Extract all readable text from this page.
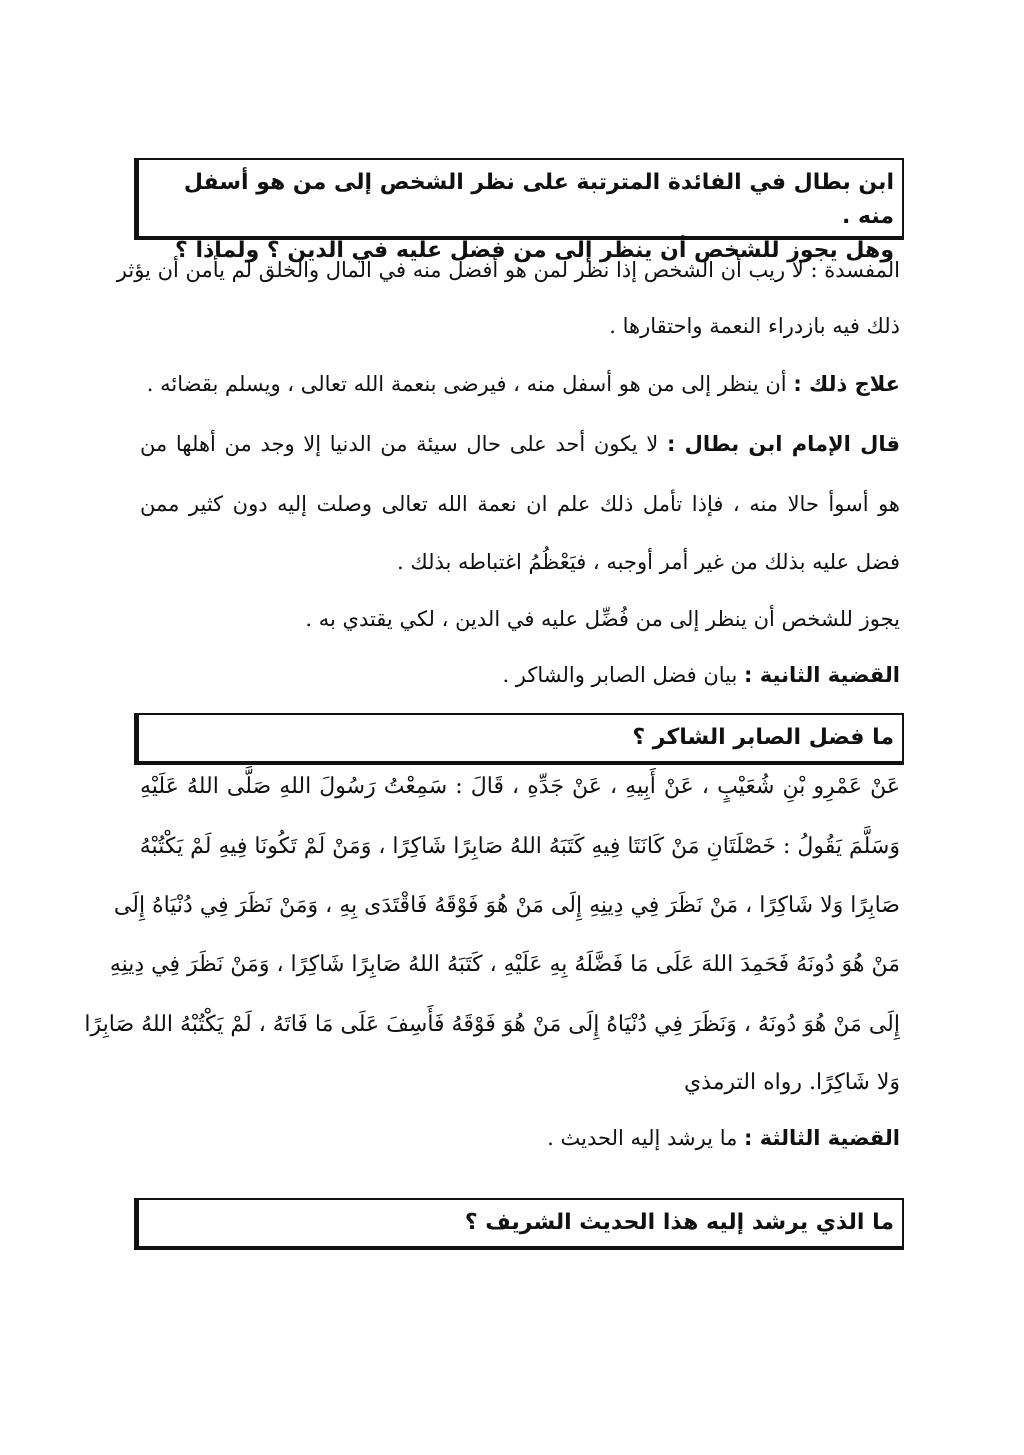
ابن بطال في الفائدة المترتبة على نظر الشخص إلى من هو أسفل منه .
وهل يجوز للشخص أن ينظر إلى من فضل عليه في الدين ؟ ولماذا ؟
المفسدة : لا ريب أن الشخص إذا نظر لمن هو أفضل منه في المال والخلق لم يأمن أن يؤثر
ذلك فيه بازدراء النعمة واحتقارها .
علاج ذلك : أن ينظر إلى من هو أسفل منه ، فيرضى بنعمة الله تعالى ، ويسلم بقضائه .
قال الإمام ابن بطال : لا يكون أحد على حال سيئة من الدنيا إلا وجد من أهلها من
هو أسوأ حالا منه ، فإذا تأمل ذلك علم ان نعمة الله تعالى وصلت إليه دون كثير ممن
فضل عليه بذلك من غير أمر أوجبه ، فيَعْظُمُ اغتباطه بذلك .
يجوز للشخص أن ينظر إلى من فُضِّل عليه في الدين ، لكي يقتدي به .
القضية الثانية : بيان فضل الصابر والشاكر .
ما فضل الصابر الشاكر ؟
عَنْ عَمْرِو بْنِ شُعَيْبٍ ، عَنْ أَبِيهِ ، عَنْ جَدِّهِ ، قَالَ : سَمِعْتُ رَسُولَ اللهِ صَلَّى اللهُ عَلَيْهِ
وَسَلَّمَ يَقُولُ : خَصْلَتَانِ مَنْ كَانَتَا فِيهِ كَتَبَهُ اللهُ صَابِرًا شَاكِرًا ، وَمَنْ لَمْ تَكُونَا فِيهِ لَمْ يَكْتُبْهُ
صَابِرًا وَلا شَاكِرًا ، مَنْ نَظَرَ فِي دِينِهِ إِلَى مَنْ هُوَ فَوْقَهُ فَاقْتَدَى بِهِ ، وَمَنْ نَظَرَ فِي دُنْيَاهُ إِلَى
مَنْ هُوَ دُونَهُ فَحَمِدَ اللهَ عَلَى مَا فَضَّلَهُ بِهِ عَلَيْهِ ، كَتَبَهُ اللهُ صَابِرًا شَاكِرًا ، وَمَنْ نَظَرَ فِي دِينِهِ
إِلَى مَنْ هُوَ دُونَهُ ، وَنَظَرَ فِي دُنْيَاهُ إِلَى مَنْ هُوَ فَوْقَهُ فَأَسِفَ عَلَى مَا فَاتَهُ ، لَمْ يَكْتُبْهُ اللهُ صَابِرًا
وَلا شَاكِرًا. رواه الترمذي
القضية الثالثة : ما يرشد إليه الحديث .
ما الذي يرشد إليه هذا الحديث الشريف ؟
